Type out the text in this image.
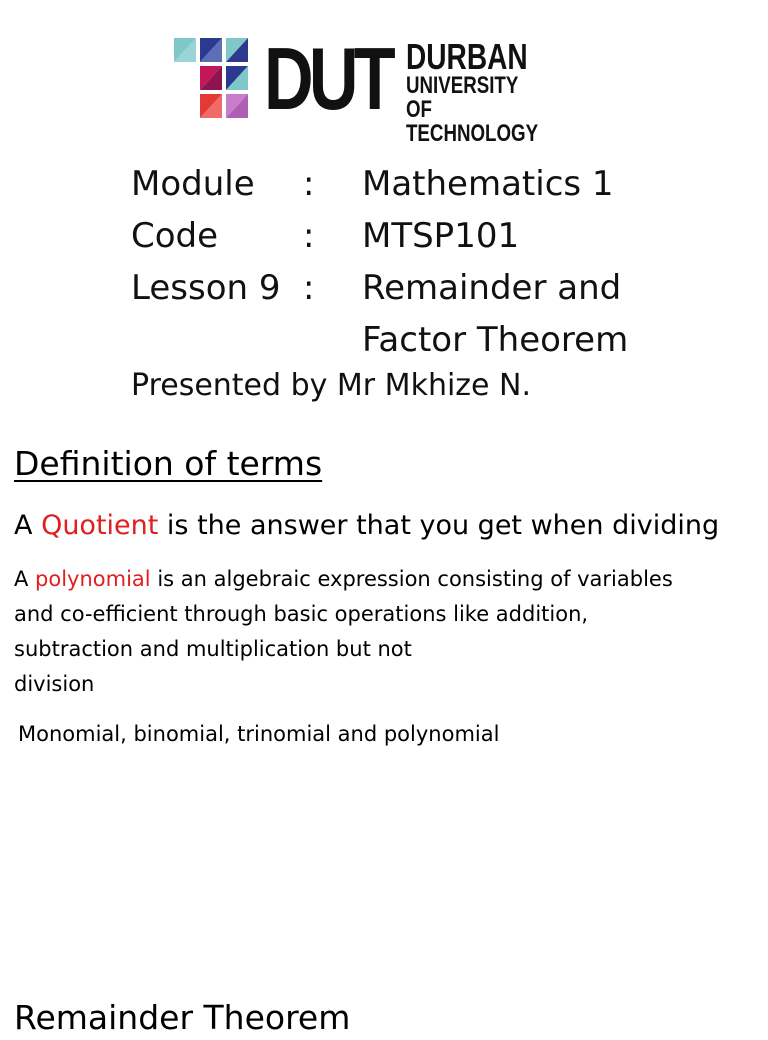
DUT DURBAN
UNIVERSITY OF
TECHNOLOGY
Module : Mathematics 1
Code : MTSP101
Lesson 9 : Remainder and
Factor Theorem
Presented by Mr Mkhize N.
Definition of terms
A Quotient is the answer that you get when dividing
A polynomial is an algebraic expression consisting of variables
and co-efficient through basic operations like addition,
subtraction and multiplication but not
division
Monomial, binomial, trinomial and polynomial
Remainder Theorem
